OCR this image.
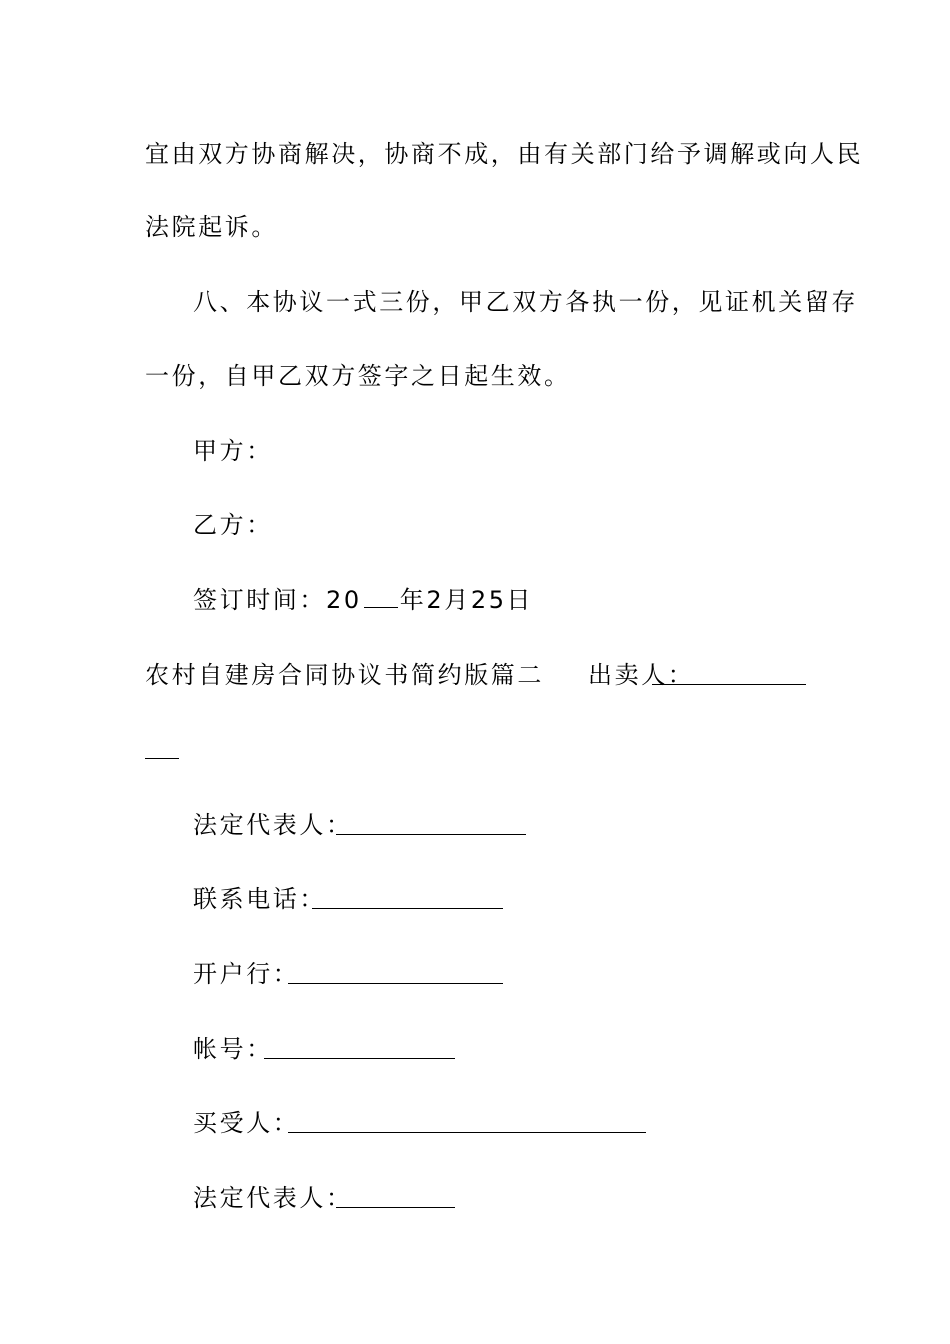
宜由双方协商解决，协商不成，由有关部门给予调解或向人民
法院起诉。
八、本协议一式三份，甲乙双方各执一份，见证机关留存
一份，自甲乙双方签字之日起生效。
甲方：
乙方：
签订时间：20 年2月25日
农村自建房合同协议书简约版篇二 出卖人：
法定代表人：
联系电话：
开户行：
帐号：
买受人：
法定代表人：
